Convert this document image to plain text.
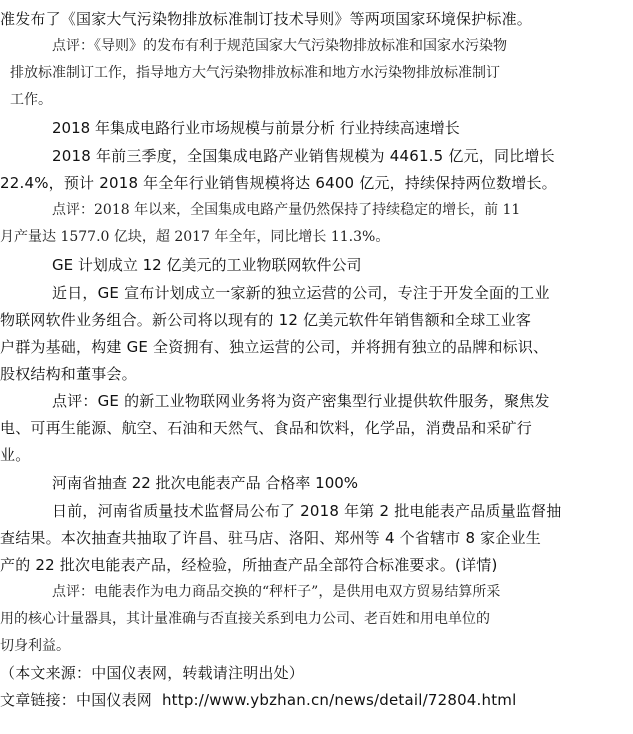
准发布了《国家大气污染物排放标准制订技术导则》等两项国家环境保护标准。

点评：《导则》的发布有利于规范国家大气污染物排放标准和国家水污染物

排放标准制订工作，指导地方大气污染物排放标准和地方水污染物排放标准制订

工作。

2018 年集成电路行业市场规模与前景分析 行业持续高速增长

2018 年前三季度，全国集成电路产业销售规模为 4461.5 亿元，同比增长

22.4%，预计 2018 年全年行业销售规模将达 6400 亿元，持续保持两位数增长。

点评：2018 年以来，全国集成电路产量仍然保持了持续稳定的增长，前 11

月产量达 1577.0 亿块，超 2017 年全年，同比增长 11.3%。

GE 计划成立 12 亿美元的工业物联网软件公司

近日，GE 宣布计划成立一家新的独立运营的公司，专注于开发全面的工业

物联网软件业务组合。新公司将以现有的 12 亿美元软件年销售额和全球工业客

户群为基础，构建 GE 全资拥有、独立运营的公司，并将拥有独立的品牌和标识、

股权结构和董事会。

点评：GE 的新工业物联网业务将为资产密集型行业提供软件服务，聚焦发

电、可再生能源、航空、石油和天然气、食品和饮料，化学品，消费品和采矿行

业。

河南省抽查 22 批次电能表产品 合格率 100%

日前，河南省质量技术监督局公布了 2018 年第 2 批电能表产品质量监督抽

查结果。本次抽查共抽取了许昌、驻马店、洛阳、郑州等 4 个省辖市 8 家企业生

产的 22 批次电能表产品，经检验，所抽查产品全部符合标准要求。(详情)

点评：电能表作为电力商品交换的“秤杆子”，是供用电双方贸易结算所采

用的核心计量器具，其计量准确与否直接关系到电力公司、老百姓和用电单位的

切身利益。

（本文来源：中国仪表网，转载请注明出处）

文章链接：中国仪表网 http://www.ybzhan.cn/news/detail/72804.html
